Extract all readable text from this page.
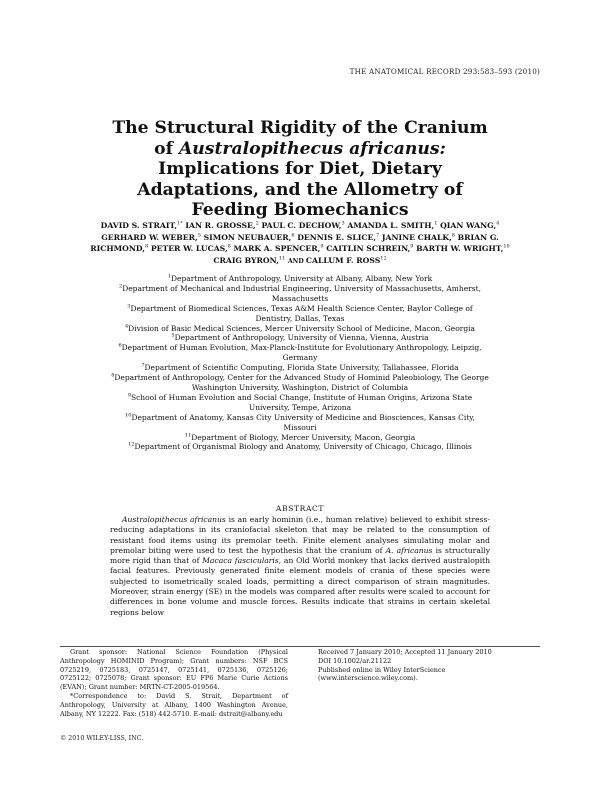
THE ANATOMICAL RECORD 293:583–593 (2010)
The Structural Rigidity of the Cranium
of Australopithecus africanus:
Implications for Diet, Dietary
Adaptations, and the Allometry of
Feeding Biomechanics
DAVID S. STRAIT,$^{1*}$ IAN R. GROSSE,$^2$ PAUL C. DECHOW,$^3$ AMANDA L. SMITH,$^1$ QIAN WANG,$^4$ GERHARD W. WEBER,$^5$ SIMON NEUBAUER,$^6$ DENNIS E. SLICE,$^7$ JANINE CHALK,$^8$ BRIAN G. RICHMOND,$^8$ PETER W. LUCAS,$^8$ MARK A. SPENCER,$^9$ CAITLIN SCHREIN,$^9$ BARTH W. WRIGHT,$^{10}$ CRAIG BYRON,$^{11}$ AND CALLUM F. ROSS$^{12}$
$^1$Department of Anthropology, University at Albany, Albany, New York
$^2$Department of Mechanical and Industrial Engineering, University of Massachusetts, Amherst, Massachusetts
$^3$Department of Biomedical Sciences, Texas A&M Health Science Center, Baylor College of Dentistry, Dallas, Texas
$^4$Division of Basic Medical Sciences, Mercer University School of Medicine, Macon, Georgia
$^5$Department of Anthropology, University of Vienna, Vienna, Austria
$^6$Department of Human Evolution, Max-Planck-Institute for Evolutionary Anthropology, Leipzig, Germany
$^7$Department of Scientific Computing, Florida State University, Tallahassee, Florida
$^8$Department of Anthropology, Center for the Advanced Study of Hominid Paleobiology, The George Washington University, Washington, District of Columbia
$^9$School of Human Evolution and Social Change, Institute of Human Origins, Arizona State University, Tempe, Arizona
$^{10}$Department of Anatomy, Kansas City University of Medicine and Biosciences, Kansas City, Missouri
$^{11}$Department of Biology, Mercer University, Macon, Georgia
$^{12}$Department of Organismal Biology and Anatomy, University of Chicago, Chicago, Illinois
ABSTRACT
Australopithecus africanus is an early hominin (i.e., human relative) believed to exhibit stress-reducing adaptations in its craniofacial skeleton that may be related to the consumption of resistant food items using its premolar teeth. Finite element analyses simulating molar and premolar biting were used to test the hypothesis that the cranium of A. africanus is structurally more rigid than that of Macaca fascicularis, an Old World monkey that lacks derived australopith facial features. Previously generated finite element models of crania of these species were subjected to isometrically scaled loads, permitting a direct comparison of strain magnitudes. Moreover, strain energy (SE) in the models was compared after results were scaled to account for differences in bone volume and muscle forces. Results indicate that strains in certain skeletal regions below

Grant sponsor: National Science Foundation (Physical Anthropology HOMINID Program); Grant numbers: NSF BCS 0725219, 0725183, 0725147, 0725141, 0725136, 0725126; 0725122; 0725078; Grant sponsor: EU FP6 Marie Curie Actions (EVAN); Grant number: MRTN-CT-2005-019564.

*Correspondence to: David S. Strait, Department of Anthropology, University at Albany, 1400 Washington Avenue, Albany, NY 12222. Fax: (518) 442-5710. E-mail: dstrait@albany.edu

Received 7 January 2010; Accepted 11 January 2010

DOI 10.1002/ar.21122

Published online in Wiley InterScience (www.interscience.wiley.com).

© 2010 WILEY-LISS, INC.
